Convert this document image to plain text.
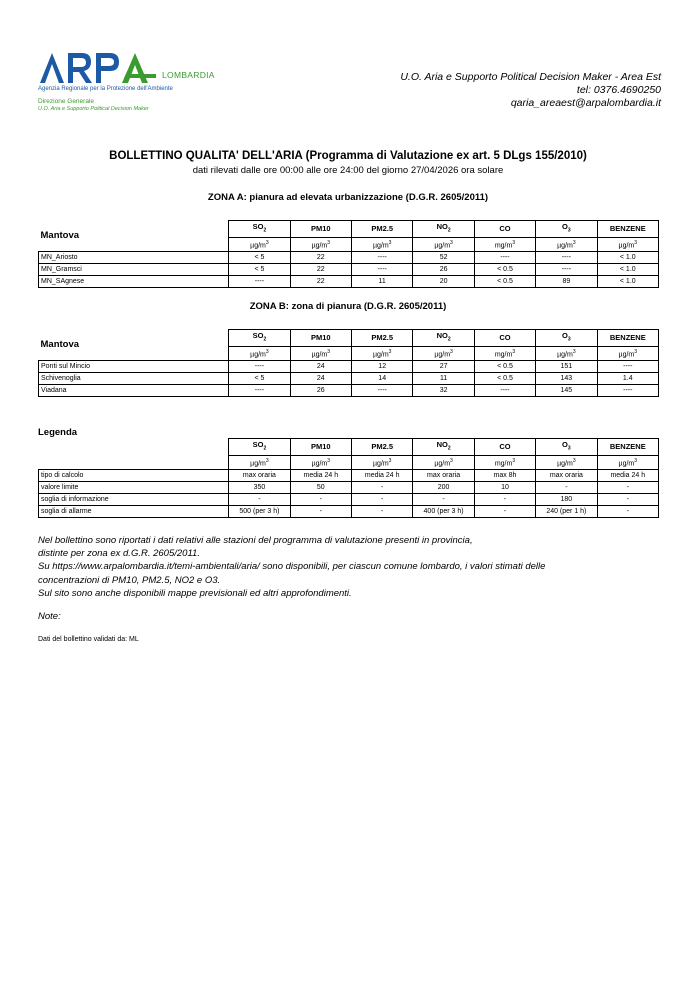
LOMBARDIA
Agenzia Regionale per la Protezione dell'Ambiente
Direzione Generale
U.O. Aria e Supporto Political Decision Maker
U.O. Aria e Supporto Political Decision Maker - Area Est
tel: 0376.4690250
qaria_areaest@arpalombardia.it
BOLLETTINO QUALITA' DELL'ARIA (Programma di Valutazione ex art. 5 DLgs 155/2010)
dati rilevati dalle ore 00:00 alle ore 24:00 del giorno 27/04/2026 ora solare
ZONA A: pianura ad elevata urbanizzazione (D.G.R. 2605/2011)
Mantova		$SO_2$	PM10	PM2.5	$NO_2$	CO	$O_3$	BENZENE
		$\mu g/m^3$	$\mu g/m^3$	$\mu g/m^3$	$\mu g/m^3$	$mg/m^3$	$\mu g/m^3$	$\mu g/m^3$
MN_Ariosto		< 5	22	----	52	----	----	< 1.0
MN_Gramsci		< 5	22	----	26	< 0.5	----	< 1.0
MN_SAgnese		----	22	11	20	< 0.5	89	< 1.0
ZONA B: zona di pianura (D.G.R. 2605/2011)
Mantova		$SO_2$	PM10	PM2.5	$NO_2$	CO	$O_3$	BENZENE
		$\mu g/m^3$	$\mu g/m^3$	$\mu g/m^3$	$\mu g/m^3$	$mg/m^3$	$\mu g/m^3$	$\mu g/m^3$
Ponti sul Mincio		----	24	12	27	< 0.5	151	----
Schivenoglia		< 5	24	14	11	< 0.5	143	1.4
Viadana		----	26	----	32	----	145	----
Legenda
		$SO_2$	PM10	PM2.5	$NO_2$	CO	$O_3$	BENZENE
		$\mu g/m^3$	$\mu g/m^3$	$\mu g/m^3$	$\mu g/m^3$	$mg/m^3$	$\mu g/m^3$	$\mu g/m^3$
tipo di calcolo		max oraria	media 24 h	media 24 h	max oraria	max 8h	max oraria	media 24 h
valore limite		350	50	-	200	10	-	-
soglia di informazione		-	-	-	-	-	180	-
soglia di allarme		500 (per 3 h)	-	-	400 (per 3 h)	-	240 (per 1 h)	-
Nel bollettino sono riportati i dati relativi alle stazioni del programma di valutazione presenti in provincia,
distinte per zona ex d.G.R. 2605/2011.
Su https://www.arpalombardia.it/temi-ambientali/aria/ sono disponibili, per ciascun comune lombardo, i valori stimati delle
concentrazioni di PM10, PM2.5, NO2 e O3.
Sul sito sono anche disponibili mappe previsionali ed altri approfondimenti.
Note:
Dati del bollettino validati da: ML
